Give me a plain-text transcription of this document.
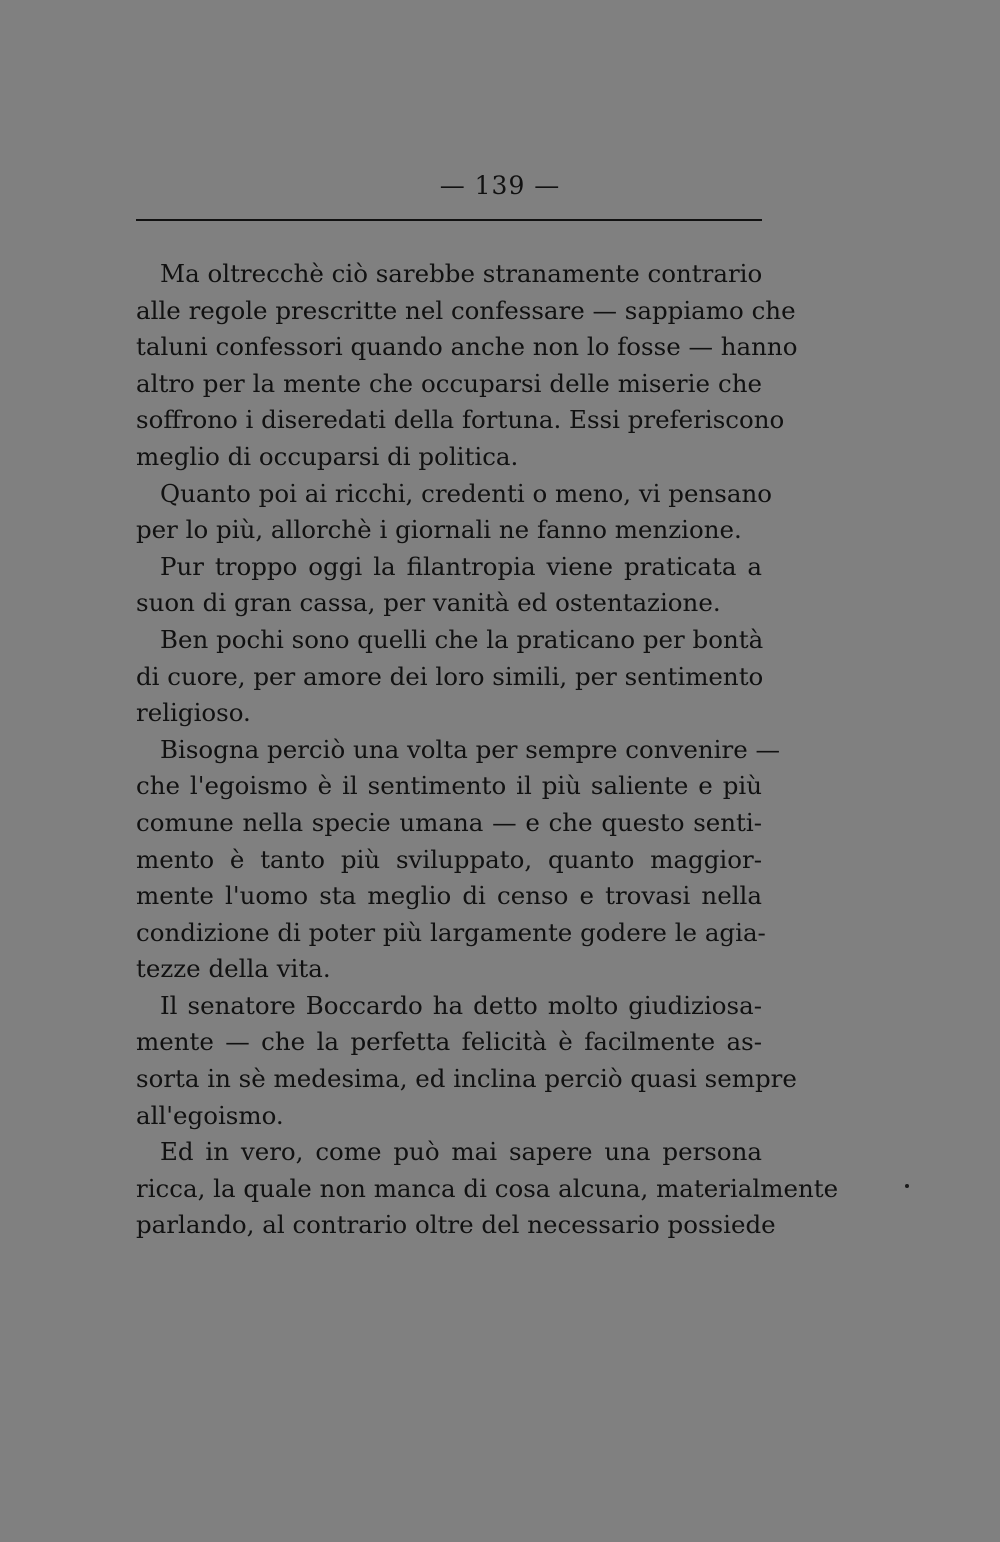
— 139 —
Ma oltrecchè ciò sarebbe stranamente contrario
alle regole prescritte nel confessare — sappiamo che
taluni confessori quando anche non lo fosse — hanno
altro per la mente che occuparsi delle miserie che
soffrono i diseredati della fortuna. Essi preferiscono
meglio di occuparsi di politica.
Quanto poi ai ricchi, credenti o meno, vi pensano
per lo più, allorchè i giornali ne fanno menzione.
Pur troppo oggi la filantropia viene praticata a
suon di gran cassa, per vanità ed ostentazione.
Ben pochi sono quelli che la praticano per bontà
di cuore, per amore dei loro simili, per sentimento
religioso.
Bisogna perciò una volta per sempre convenire —
che l'egoismo è il sentimento il più saliente e più
comune nella specie umana — e che questo senti-
mento è tanto più sviluppato, quanto maggior-
mente l'uomo sta meglio di censo e trovasi nella
condizione di poter più largamente godere le agia-
tezze della vita.
Il senatore Boccardo ha detto molto giudiziosa-
mente — che la perfetta felicità è facilmente as-
sorta in sè medesima, ed inclina perciò quasi sempre
all'egoismo.
Ed in vero, come può mai sapere una persona
ricca, la quale non manca di cosa alcuna, materialmente
parlando, al contrario oltre del necessario possiede
